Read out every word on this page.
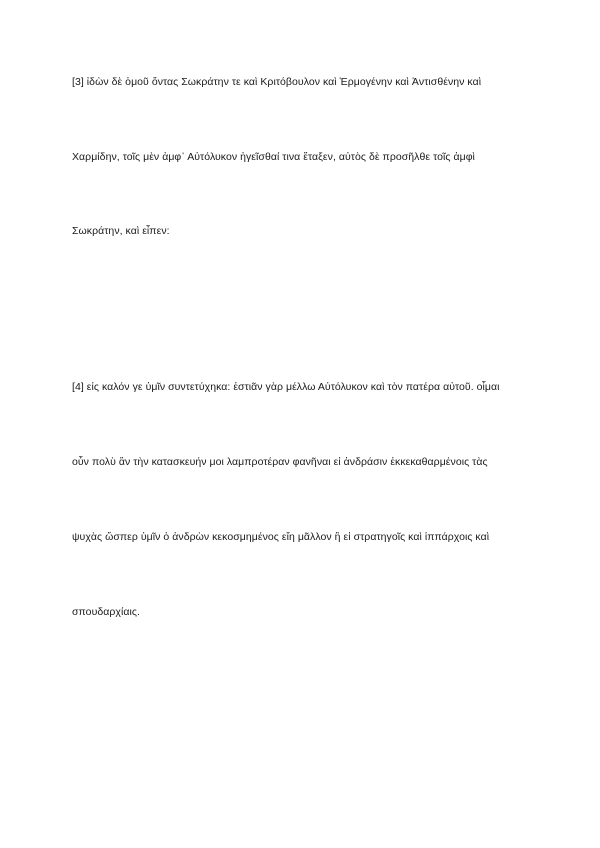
[3] ἰδὼν δὲ ὁμοῦ ὄντας Σωκράτην τε καὶ Κριτόβουλον καὶ Ἑρμογένην καὶ Ἀντισθένην καὶ
Χαρμίδην, τοῖς μὲν ἀμφ᾽ Αὐτόλυκον ἡγεῖσθαί τινα ἔταξεν, αὐτὸς δὲ προσῆλθε τοῖς ἀμφὶ
Σωκράτην, καὶ εἶπεν:
[4] εἰς καλόν γε ὑμῖν συντετύχηκα: ἑστιᾶν γὰρ μέλλω Αὐτόλυκον καὶ τὸν πατέρα αὐτοῦ. οἶμαι
οὖν πολὺ ἂν τὴν κατασκευήν μοι λαμπροτέραν φανῆναι εἰ ἀνδράσιν ἐκκεκαθαρμένοις τὰς
ψυχὰς ὥσπερ ὑμῖν ὁ ἀνδρὼν κεκοσμημένος εἴη μᾶλλον ἢ εἰ στρατηγοῖς καὶ ἱππάρχοις καὶ
σπουδαρχίαις.
